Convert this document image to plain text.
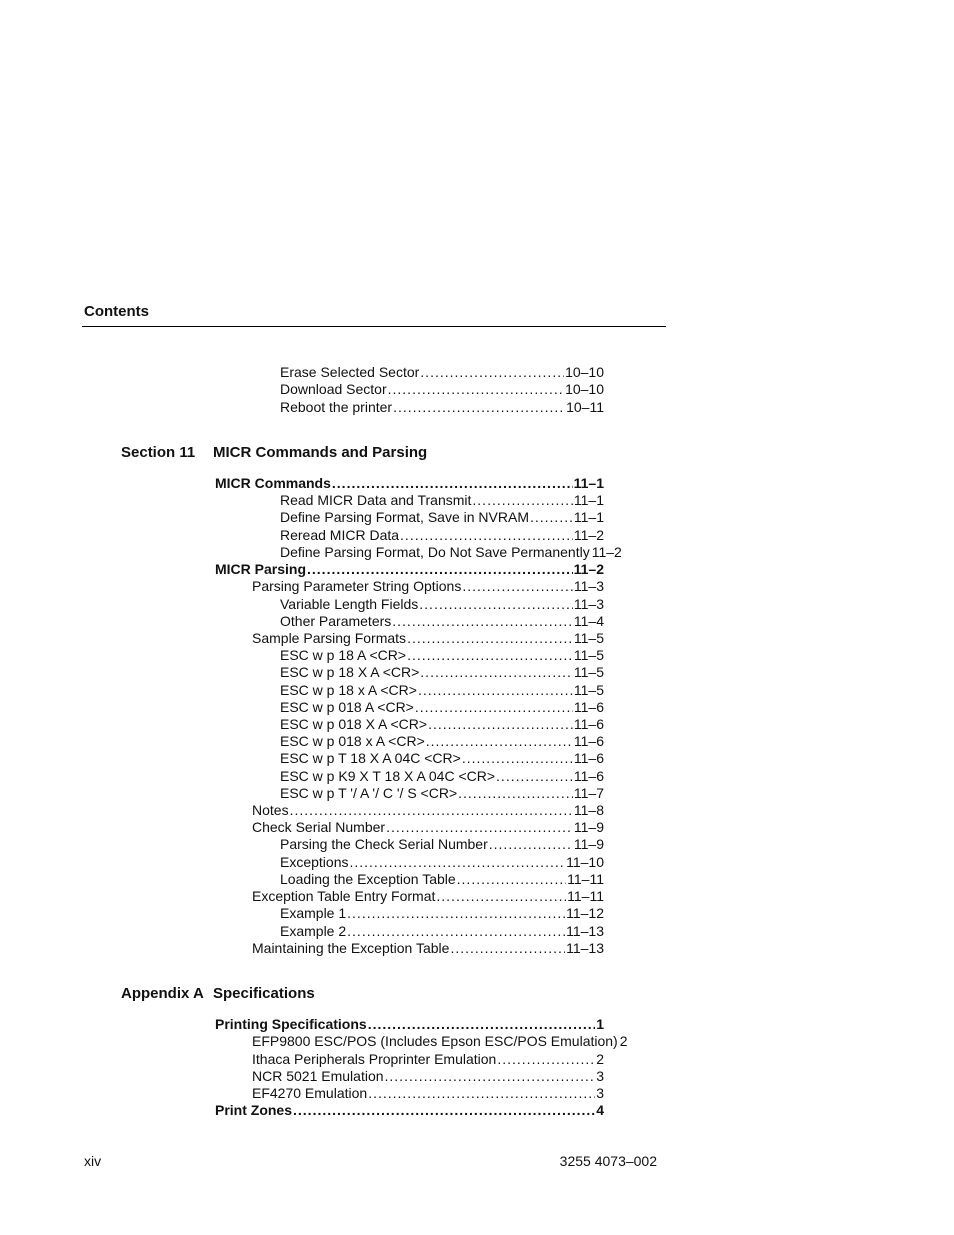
Contents
Erase Selected Sector .....	10–10
Download Sector .....	10–10
Reboot the printer .....	10–11
Section 11 MICR Commands and Parsing
MICR Commands .....	11–1
Read MICR Data and Transmit .....	11–1
Define Parsing Format, Save in NVRAM .....	11–1
Reread MICR Data .....	11–2
Define Parsing Format, Do Not Save Permanently 11–2
MICR Parsing .....	11–2
Parsing Parameter String Options .....	11–3
Variable Length Fields .....	11–3
Other Parameters .....	11–4
Sample Parsing Formats .....	11–5
ESC w p 18 A <CR> .....	11–5
ESC w p 18 X A <CR> .....	11–5
ESC w p 18 x A <CR> .....	11–5
ESC w p 018 A <CR> .....	11–6
ESC w p 018 X A <CR> .....	11–6
ESC w p 018 x A <CR> .....	11–6
ESC w p T 18 X A 04C <CR> .....	11–6
ESC w p K9 X T 18 X A 04C <CR> .....	11–6
ESC w p T '/ A '/ C '/ S <CR> .....	11–7
Notes .....	11–8
Check Serial Number .....	11–9
Parsing the Check Serial Number .....	11–9
Exceptions .....	11–10
Loading the Exception Table .....	11–11
Exception Table Entry Format .....	11–11
Example 1 .....	11–12
Example 2 .....	11–13
Maintaining the Exception Table .....	11–13
Appendix A Specifications
Printing Specifications .....	1
EFP9800 ESC/POS (Includes Epson ESC/POS Emulation) 2
Ithaca Peripherals Proprinter Emulation .....	2
NCR 5021 Emulation .....	3
EF4270 Emulation .....	3
Print Zones .....	4
xiv	3255 4073–002
